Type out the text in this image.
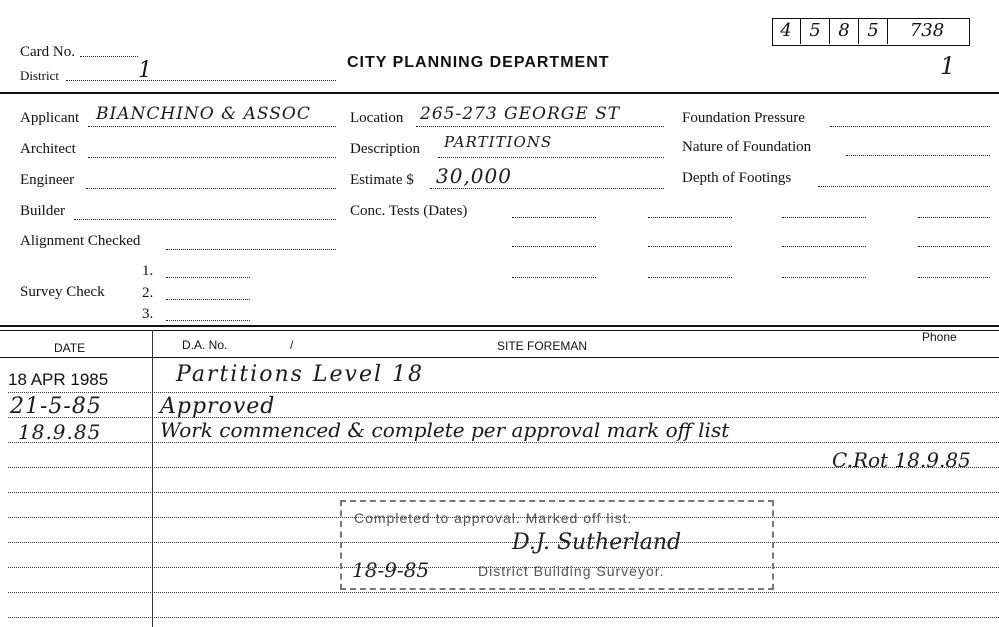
Card No.
District	1	CITY PLANNING DEPARTMENT
4 5 8 5	738
1
Applicant BIANCHINO & ASSOC
Architect
Engineer
Builder
Alignment Checked
Survey Check
1.
2.
3.
Location 265-273 GEORGE ST
Description PARTITIONS
Estimate $ 30,000
Conc. Tests (Dates)
Foundation Pressure
Nature of Foundation
Depth of Footings
DATE	D.A. No.	/	SITE FOREMAN
Phone
18 APR 1985	Partitions Level 18
21-5-85	Approved
18.9.85	Work commenced & complete per approval mark off list
C.Rot 18.9.85
Completed to approval. Marked off list.
D.J. Sutherland
18-9-85	District Building Surveyor.
